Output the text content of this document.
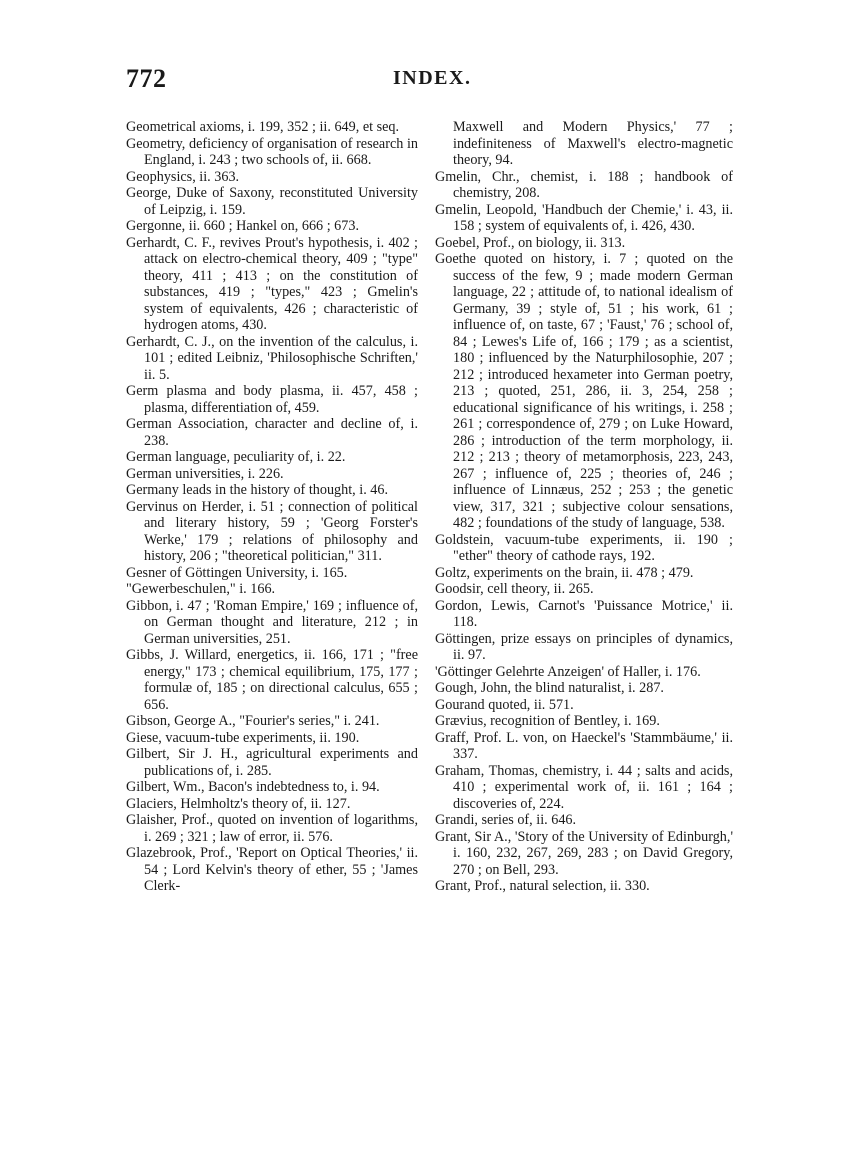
772	INDEX.

Geometrical axioms, i. 199, 352 ; ii. 649, et seq.

Geometry, deficiency of organisation of research in England, i. 243 ; two schools of, ii. 668.

Geophysics, ii. 363.

George, Duke of Saxony, reconstituted University of Leipzig, i. 159.

Gergonne, ii. 660 ; Hankel on, 666 ; 673.

Gerhardt, C. F., revives Prout's hypothesis, i. 402 ; attack on electro-chemical theory, 409 ; "type" theory, 411 ; 413 ; on the constitution of substances, 419 ; "types," 423 ; Gmelin's system of equivalents, 426 ; characteristic of hydrogen atoms, 430.

Gerhardt, C. J., on the invention of the calculus, i. 101 ; edited Leibniz, 'Philosophische Schriften,' ii. 5.

Germ plasma and body plasma, ii. 457, 458 ; plasma, differentiation of, 459.

German Association, character and decline of, i. 238.

German language, peculiarity of, i. 22.

German universities, i. 226.

Germany leads in the history of thought, i. 46.

Gervinus on Herder, i. 51 ; connection of political and literary history, 59 ; 'Georg Forster's Werke,' 179 ; relations of philosophy and history, 206 ; "theoretical politician," 311.

Gesner of Göttingen University, i. 165.

"Gewerbeschulen," i. 166.

Gibbon, i. 47 ; 'Roman Empire,' 169 ; influence of, on German thought and literature, 212 ; in German universities, 251.

Gibbs, J. Willard, energetics, ii. 166, 171 ; "free energy," 173 ; chemical equilibrium, 175, 177 ; formulæ of, 185 ; on directional calculus, 655 ; 656.

Gibson, George A., "Fourier's series," i. 241.

Giese, vacuum-tube experiments, ii. 190.

Gilbert, Sir J. H., agricultural experiments and publications of, i. 285.

Gilbert, Wm., Bacon's indebtedness to, i. 94.

Glaciers, Helmholtz's theory of, ii. 127.

Glaisher, Prof., quoted on invention of logarithms, i. 269 ; 321 ; law of error, ii. 576.

Glazebrook, Prof., 'Report on Optical Theories,' ii. 54 ; Lord Kelvin's theory of ether, 55 ; 'James Clerk-

Maxwell and Modern Physics,' 77 ; indefiniteness of Maxwell's electro-magnetic theory, 94.

Gmelin, Chr., chemist, i. 188 ; handbook of chemistry, 208.

Gmelin, Leopold, 'Handbuch der Chemie,' i. 43, ii. 158 ; system of equivalents of, i. 426, 430.

Goebel, Prof., on biology, ii. 313.

Goethe quoted on history, i. 7 ; quoted on the success of the few, 9 ; made modern German language, 22 ; attitude of, to national idealism of Germany, 39 ; style of, 51 ; his work, 61 ; influence of, on taste, 67 ; 'Faust,' 76 ; school of, 84 ; Lewes's Life of, 166 ; 179 ; as a scientist, 180 ; influenced by the Naturphilosophie, 207 ; 212 ; introduced hexameter into German poetry, 213 ; quoted, 251, 286, ii. 3, 254, 258 ; educational significance of his writings, i. 258 ; 261 ; correspondence of, 279 ; on Luke Howard, 286 ; introduction of the term morphology, ii. 212 ; 213 ; theory of metamorphosis, 223, 243, 267 ; influence of, 225 ; theories of, 246 ; influence of Linnæus, 252 ; 253 ; the genetic view, 317, 321 ; subjective colour sensations, 482 ; foundations of the study of language, 538.

Goldstein, vacuum-tube experiments, ii. 190 ; "ether" theory of cathode rays, 192.

Goltz, experiments on the brain, ii. 478 ; 479.

Goodsir, cell theory, ii. 265.

Gordon, Lewis, Carnot's 'Puissance Motrice,' ii. 118.

Göttingen, prize essays on principles of dynamics, ii. 97.

'Göttinger Gelehrte Anzeigen' of Haller, i. 176.

Gough, John, the blind naturalist, i. 287.

Gourand quoted, ii. 571.

Grævius, recognition of Bentley, i. 169.

Graff, Prof. L. von, on Haeckel's 'Stammbäume,' ii. 337.

Graham, Thomas, chemistry, i. 44 ; salts and acids, 410 ; experimental work of, ii. 161 ; 164 ; discoveries of, 224.

Grandi, series of, ii. 646.

Grant, Sir A., 'Story of the University of Edinburgh,' i. 160, 232, 267, 269, 283 ; on David Gregory, 270 ; on Bell, 293.

Grant, Prof., natural selection, ii. 330.
